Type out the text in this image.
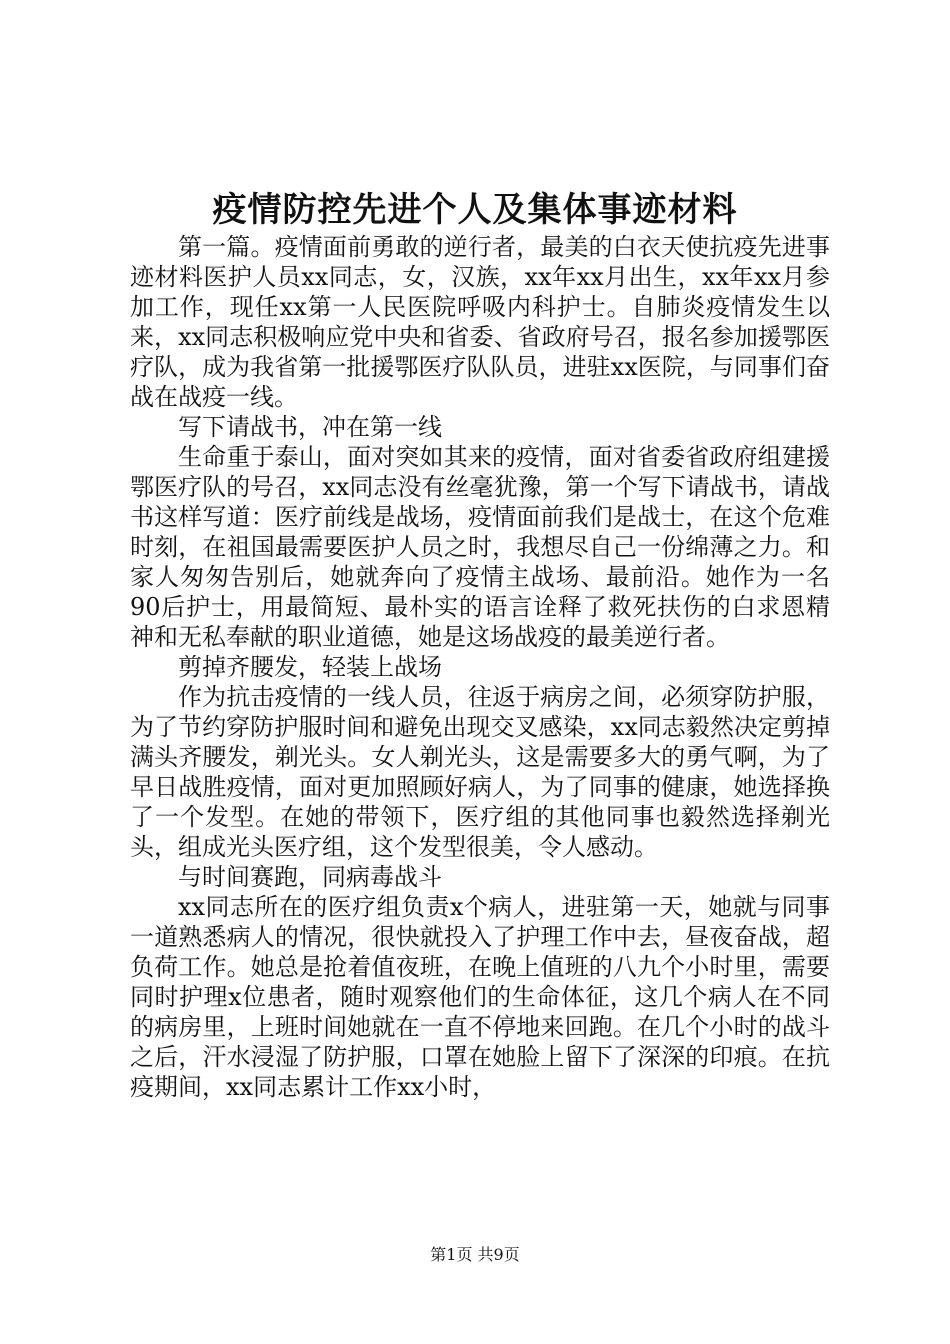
疫情防控先进个人及集体事迹材料

第一篇。疫情面前勇敢的逆行者，最美的白衣天使抗疫先进事迹材料医护人员xx同志，女，汉族，xx年xx月出生，xx年xx月参加工作，现任xx第一人民医院呼吸内科护士。自肺炎疫情发生以来，xx同志积极响应党中央和省委、省政府号召，报名参加援鄂医疗队，成为我省第一批援鄂医疗队队员，进驻xx医院，与同事们奋战在战疫一线。

写下请战书，冲在第一线

生命重于泰山，面对突如其来的疫情，面对省委省政府组建援鄂医疗队的号召，xx同志没有丝毫犹豫，第一个写下请战书，请战书这样写道：医疗前线是战场，疫情面前我们是战士，在这个危难时刻，在祖国最需要医护人员之时，我想尽自己一份绵薄之力。和家人匆匆告别后，她就奔向了疫情主战场、最前沿。她作为一名90后护士，用最简短、最朴实的语言诠释了救死扶伤的白求恩精神和无私奉献的职业道德，她是这场战疫的最美逆行者。

剪掉齐腰发，轻装上战场

作为抗击疫情的一线人员，往返于病房之间，必须穿防护服，为了节约穿防护服时间和避免出现交叉感染，xx同志毅然决定剪掉满头齐腰发，剃光头。女人剃光头，这是需要多大的勇气啊，为了早日战胜疫情，面对更加照顾好病人，为了同事的健康，她选择换了一个发型。在她的带领下，医疗组的其他同事也毅然选择剃光头，组成光头医疗组，这个发型很美，令人感动。

与时间赛跑，同病毒战斗

xx同志所在的医疗组负责x个病人，进驻第一天，她就与同事一道熟悉病人的情况，很快就投入了护理工作中去，昼夜奋战，超负荷工作。她总是抢着值夜班，在晚上值班的八九个小时里，需要同时护理x位患者，随时观察他们的生命体征，这几个病人在不同的病房里，上班时间她就在一直不停地来回跑。在几个小时的战斗之后，汗水浸湿了防护服，口罩在她脸上留下了深深的印痕。在抗疫期间，xx同志累计工作xx小时，

第1页 共9页
